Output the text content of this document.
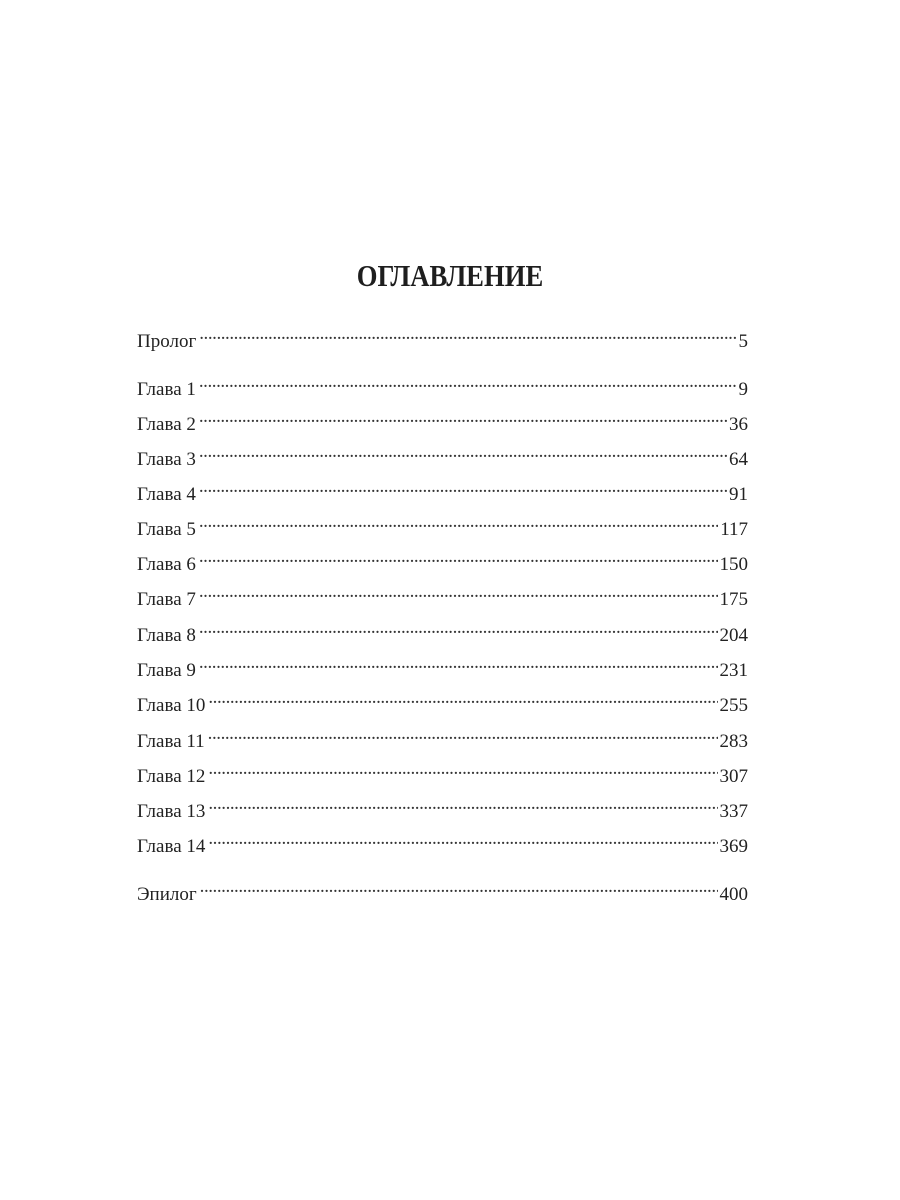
ОГЛАВЛЕНИЕ
Пролог . . .	5
Глава 1 . . .	9
Глава 2 . . .	36
Глава 3 . . .	64
Глава 4 . . .	91
Глава 5 . . .	117
Глава 6 . . .	150
Глава 7 . . .	175
Глава 8 . . .	204
Глава 9 . . .	231
Глава 10 . . .	255
Глава 11 . . .	283
Глава 12 . . .	307
Глава 13 . . .	337
Глава 14 . . .	369
Эпилог . . .	400
